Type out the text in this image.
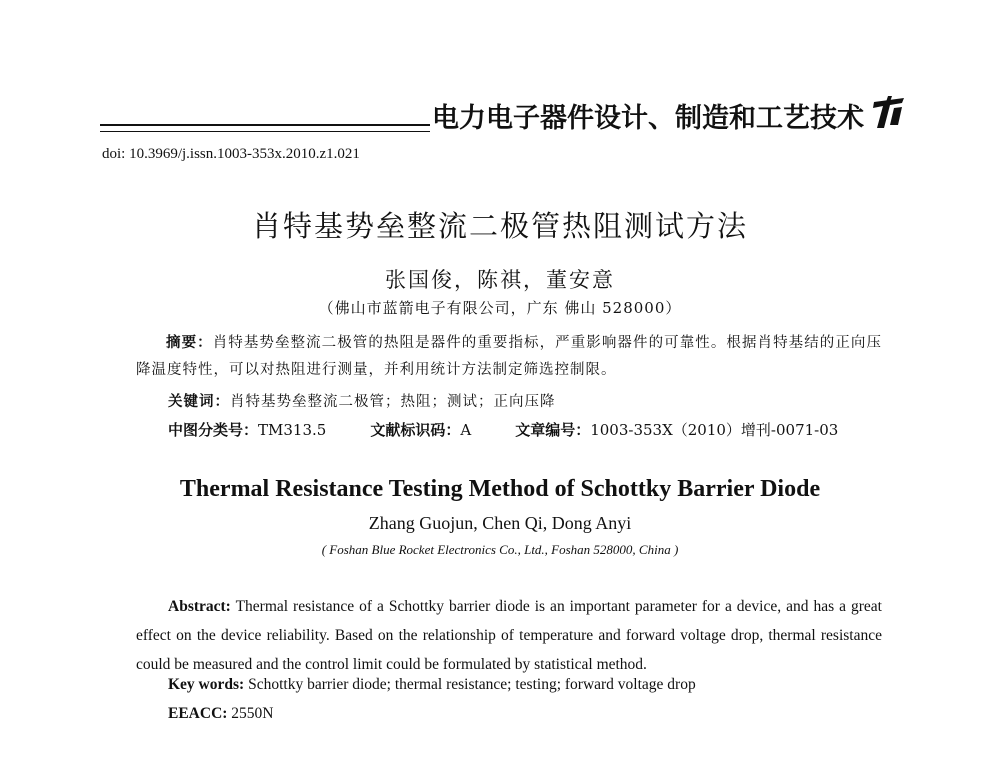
电力电子器件设计、制造和工艺技术
doi: 10.3969/j.issn.1003-353x.2010.z1.021
肖特基势垒整流二极管热阻测试方法
张国俊，陈祺，董安意
（佛山市蓝箭电子有限公司，广东 佛山 528000）
摘要：肖特基势垒整流二极管的热阻是器件的重要指标，严重影响器件的可靠性。根据肖特基结的正向压降温度特性，可以对热阻进行测量，并利用统计方法制定筛选控制限。
关键词：肖特基势垒整流二极管；热阻；测试；正向压降
中图分类号：TM313.5	文献标识码：A	文章编号：1003-353X（2010）增刊-0071-03
Thermal Resistance Testing Method of Schottky Barrier Diode
Zhang Guojun, Chen Qi, Dong Anyi
( Foshan Blue Rocket Electronics Co., Ltd., Foshan 528000, China )
Abstract: Thermal resistance of a Schottky barrier diode is an important parameter for a device, and has a great effect on the device reliability. Based on the relationship of temperature and forward voltage drop, thermal resistance could be measured and the control limit could be formulated by statistical method.
Key words: Schottky barrier diode; thermal resistance; testing; forward voltage drop
EEACC: 2550N
